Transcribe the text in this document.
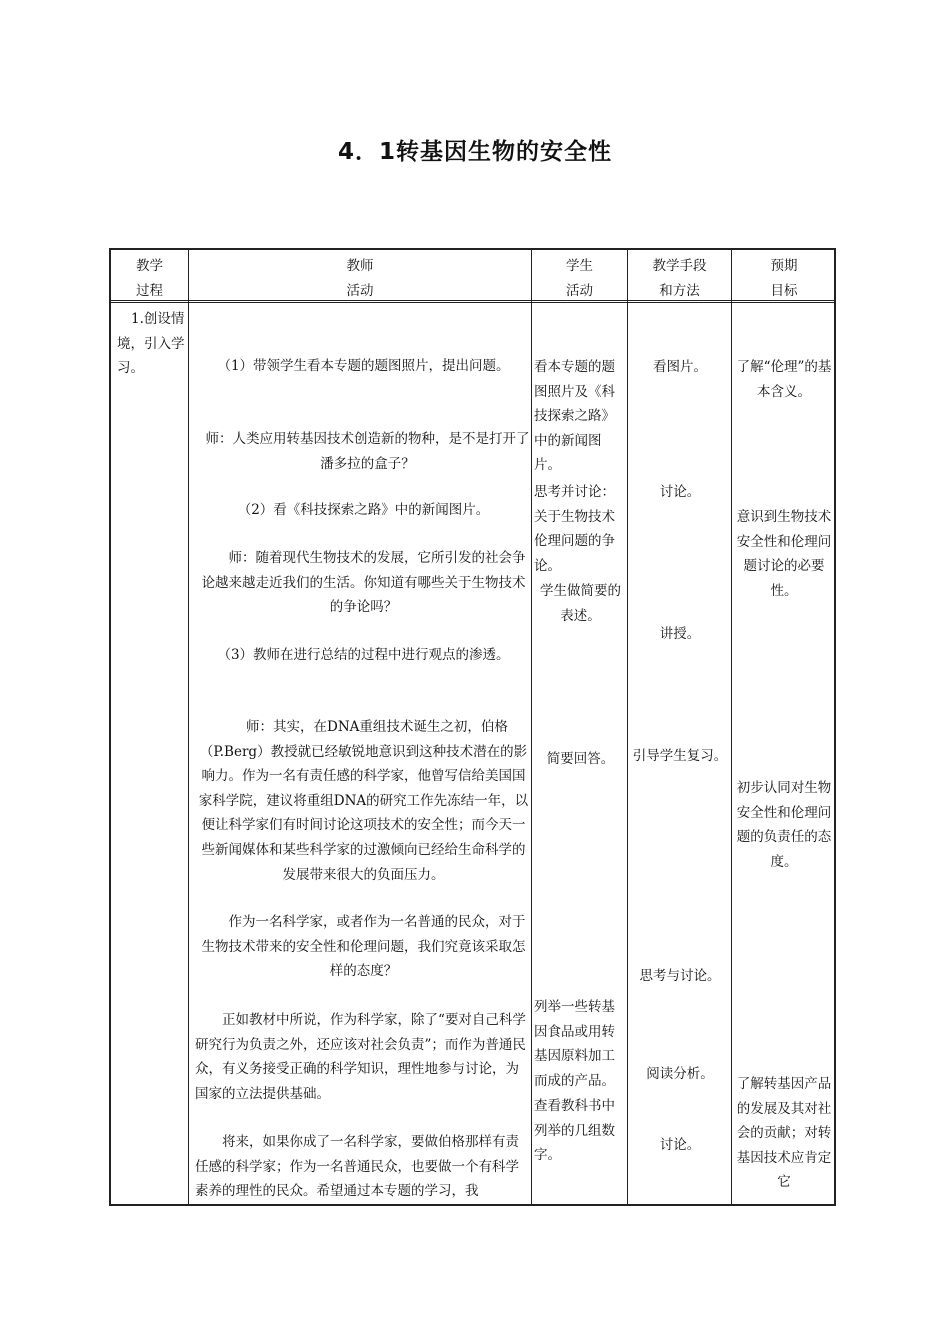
4．1转基因生物的安全性
教学
过程
教师
活动
学生
活动
教学手段
和方法
预期
目标
1.创设情境，引入学习。	（1）带领学生看本专题的题图照片，提出问题。
师：人类应用转基因技术创造新的物种，是不是打开了潘多拉的盒子？
（2）看《科技探索之路》中的新闻图片。
师：随着现代生物技术的发展，它所引发的社会争论越来越走近我们的生活。你知道有哪些关于生物技术的争论吗？
（3）教师在进行总结的过程中进行观点的渗透。
师：其实，在DNA重组技术诞生之初，伯格（P.Berg）教授就已经敏锐地意识到这种技术潜在的影响力。作为一名有责任感的科学家，他曾写信给美国国家科学院，建议将重组DNA的研究工作先冻结一年，以便让科学家们有时间讨论这项技术的安全性；而今天一些新闻媒体和某些科学家的过激倾向已经给生命科学的发展带来很大的负面压力。
作为一名科学家，或者作为一名普通的民众，对于生物技术带来的安全性和伦理问题，我们究竟该采取怎样的态度？
正如教材中所说，作为科学家，除了“要对自己科学研究行为负责之外，还应该对社会负责”；而作为普通民众，有义务接受正确的科学知识，理性地参与讨论，为国家的立法提供基础。
将来，如果你成了一名科学家，要做伯格那样有责任感的科学家；作为一名普通民众，也要做一个有科学素养的理性的民众。希望通过本专题的学习，我
看本专题的题图照片及《科技探索之路》中的新闻图片。
思考并讨论：关于生物技术伦理问题的争论。
学生做简要的表述。
简要回答。
列举一些转基因食品或用转基因原料加工而成的产品。
查看教科书中列举的几组数字。
看图片。
讨论。
讲授。
引导学生复习。
思考与讨论。
阅读分析。
讨论。
了解“伦理”的基本含义。
意识到生物技术安全性和伦理问题讨论的必要性。
初步认同对生物安全性和伦理问题的负责任的态度。
了解转基因产品的发展及其对社会的贡献；对转基因技术应肯定它
